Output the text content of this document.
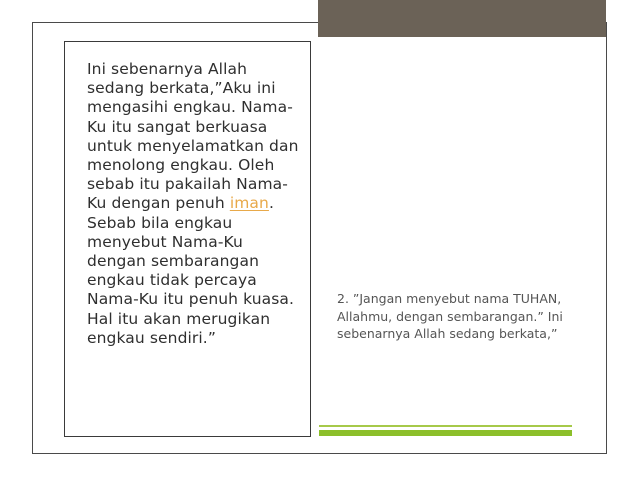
Ini sebenarnya Allah sedang berkata,”Aku ini mengasihi engkau. Nama-Ku itu sangat berkuasa untuk menyelamatkan dan menolong engkau. Oleh sebab itu pakailah Nama-Ku dengan penuh iman. Sebab bila engkau menyebut Nama-Ku dengan sembarangan engkau tidak percaya Nama-Ku itu penuh kuasa. Hal itu akan merugikan engkau sendiri.”

2. ”Jangan menyebut nama TUHAN, Allahmu, dengan sembarangan.” Ini sebenarnya Allah sedang berkata,”
